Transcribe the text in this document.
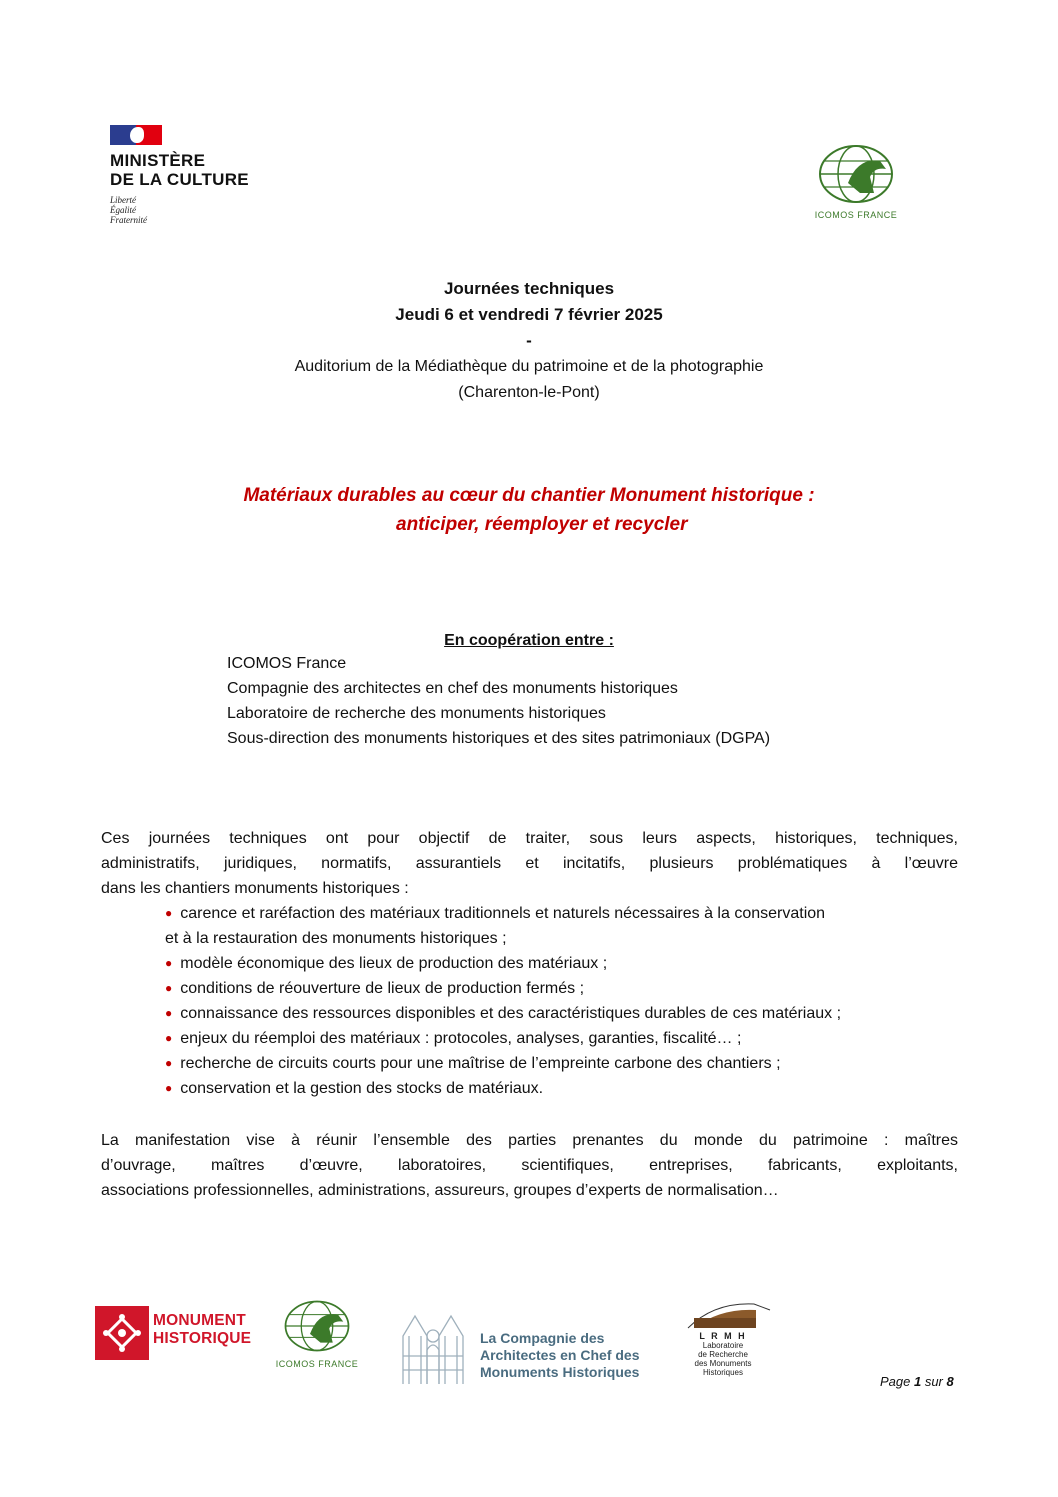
MINISTÈRE
DE LA CULTURE
Liberté
Égalité
Fraternité	ICOMOS FRANCE
Journées techniques
Jeudi 6 et vendredi 7 février 2025
-
Auditorium de la Médiathèque du patrimoine et de la photographie
(Charenton-le-Pont)
Matériaux durables au cœur du chantier Monument historique :
anticiper, réemployer et recycler
En coopération entre :
ICOMOS France
Compagnie des architectes en chef des monuments historiques
Laboratoire de recherche des monuments historiques
Sous-direction des monuments historiques et des sites patrimoniaux (DGPA)
Ces journées techniques ont pour objectif de traiter, sous leurs aspects, historiques, techniques,
administratifs, juridiques, normatifs, assurantiels et incitatifs, plusieurs problématiques à l’œuvre
dans les chantiers monuments historiques :
● carence et raréfaction des matériaux traditionnels et naturels nécessaires à la conservation
et à la restauration des monuments historiques ;
● modèle économique des lieux de production des matériaux ;
● conditions de réouverture de lieux de production fermés ;
● connaissance des ressources disponibles et des caractéristiques durables de ces matériaux ;
● enjeux du réemploi des matériaux : protocoles, analyses, garanties, fiscalité… ;
● recherche de circuits courts pour une maîtrise de l’empreinte carbone des chantiers ;
● conservation et la gestion des stocks de matériaux.
La manifestation vise à réunir l’ensemble des parties prenantes du monde du patrimoine : maîtres
d’ouvrage, maîtres d’œuvre, laboratoires, scientifiques, entreprises, fabricants, exploitants,
associations professionnelles, administrations, assureurs, groupes d’experts de normalisation…
MONUMENT
HISTORIQUE
ICOMOS FRANCE
La Compagnie des
Architectes en Chef des
Monuments Historiques
L R M H
Laboratoire
de Recherche
des Monuments
Historiques
Page 1 sur 8
